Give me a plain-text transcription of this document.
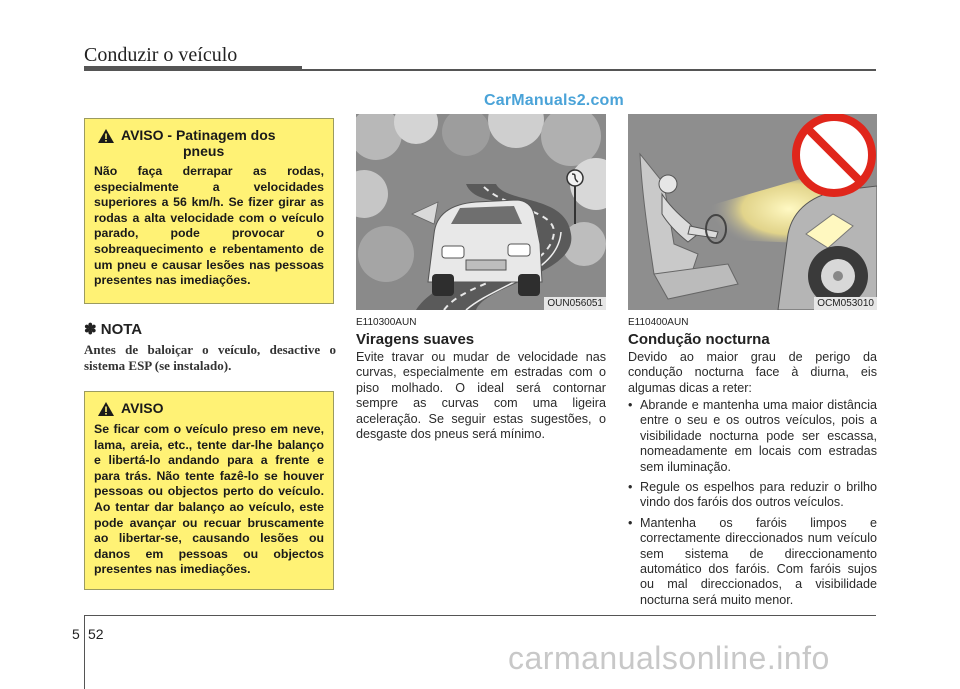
Conduzir o veículo
CarManuals2.com
AVISO - Patinagem dos
pneus
Não faça derrapar as rodas, especialmente a velocidades superiores a 56 km/h. Se fizer girar as rodas a alta velocidade com o veículo parado, pode provocar o sobreaquecimento e rebentamento de um pneu e causar lesões nas pessoas presentes nas imediações.
✽ NOTA
Antes de baloiçar o veículo, desactive o sistema ESP (se instalado).
AVISO
Se ficar com o veículo preso em neve, lama, areia, etc., tente dar-lhe balanço e libertá-lo andando para a frente e para trás. Não tente fazê-lo se houver pessoas ou objectos perto do veículo. Ao tentar dar balanço ao veículo, este pode avançar ou recuar bruscamente ao libertar-se, causando lesões ou danos em pessoas ou objectos presentes nas imediações.
OUN056051	OCM053010
E110300AUN
Viragens suaves
Evite travar ou mudar de velocidade nas curvas, especialmente em estradas com o piso molhado. O ideal será contornar sempre as curvas com uma ligeira aceleração. Se seguir estas sugestões, o desgaste dos pneus será mínimo.
E110400AUN
Condução nocturna
Devido ao maior grau de perigo da condução nocturna face à diurna, eis algumas dicas a reter:
• Abrande e mantenha uma maior distância entre o seu e os outros veículos, pois a visibilidade nocturna pode ser escassa, nomeadamente em locais com estradas sem iluminação.
• Regule os espelhos para reduzir o brilho vindo dos faróis dos outros veículos.
• Mantenha os faróis limpos e correctamente direccionados num veículo sem sistema de direccionamento automático dos faróis. Com faróis sujos ou mal direccionados, a visibilidade nocturna será muito menor.
5 52
carmanualsonline.info
